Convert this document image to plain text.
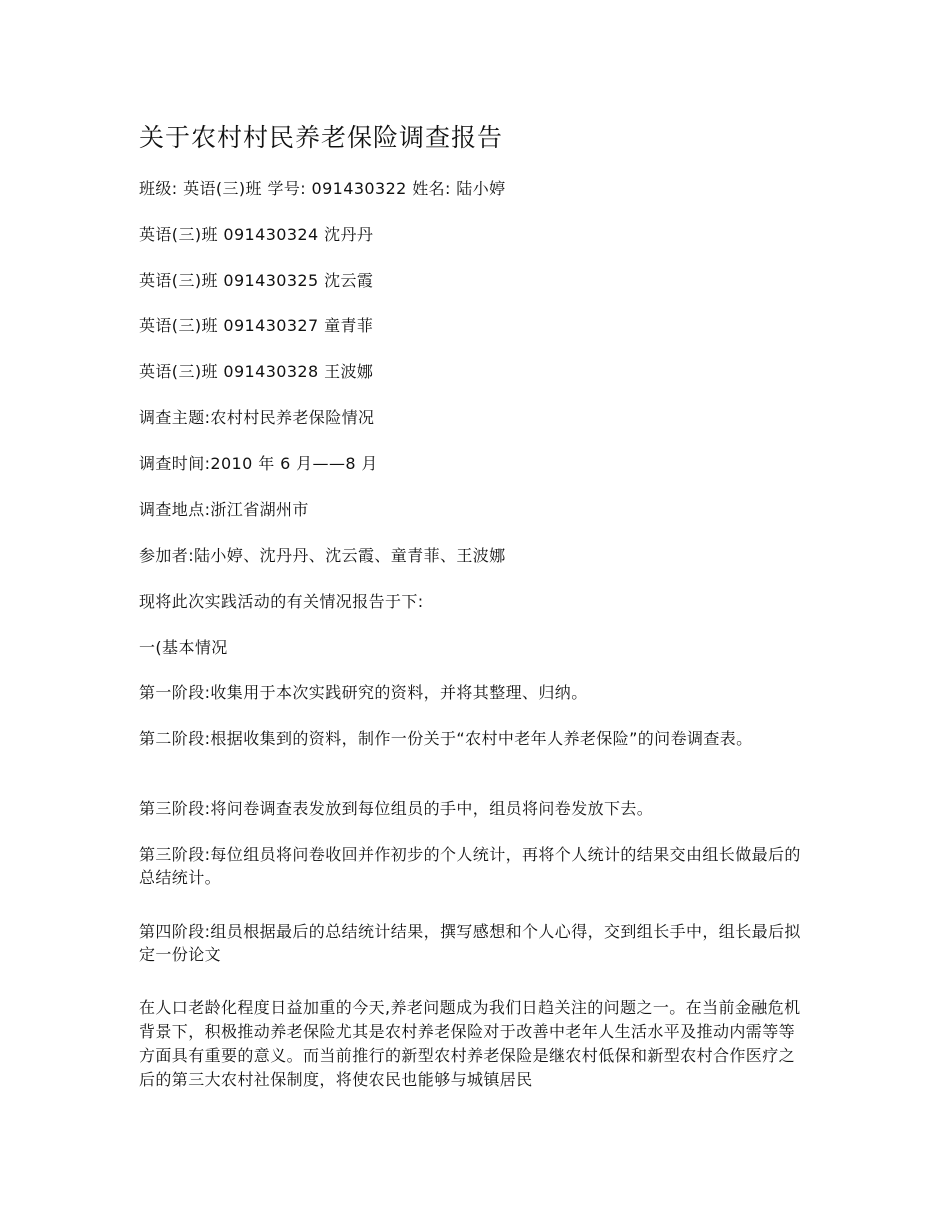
关于农村村民养老保险调查报告
班级: 英语(三)班 学号: 091430322 姓名: 陆小婷
英语(三)班 091430324 沈丹丹
英语(三)班 091430325 沈云霞
英语(三)班 091430327 童青菲
英语(三)班 091430328 王波娜
调查主题:农村村民养老保险情况
调查时间:2010 年 6 月——8 月
调查地点:浙江省湖州市
参加者:陆小婷、沈丹丹、沈云霞、童青菲、王波娜
现将此次实践活动的有关情况报告于下:
一(基本情况
第一阶段:收集用于本次实践研究的资料，并将其整理、归纳。
第二阶段:根据收集到的资料，制作一份关于“农村中老年人养老保险”的问卷调查表。
第三阶段:将问卷调查表发放到每位组员的手中，组员将问卷发放下去。
第三阶段:每位组员将问卷收回并作初步的个人统计，再将个人统计的结果交由组长做最后的总结统计。
第四阶段:组员根据最后的总结统计结果，撰写感想和个人心得，交到组长手中，组长最后拟定一份论文
在人口老龄化程度日益加重的今天,养老问题成为我们日趋关注的问题之一。在当前金融危机背景下，积极推动养老保险尤其是农村养老保险对于改善中老年人生活水平及推动内需等等方面具有重要的意义。而当前推行的新型农村养老保险是继农村低保和新型农村合作医疗之后的第三大农村社保制度，将使农民也能够与城镇居民
